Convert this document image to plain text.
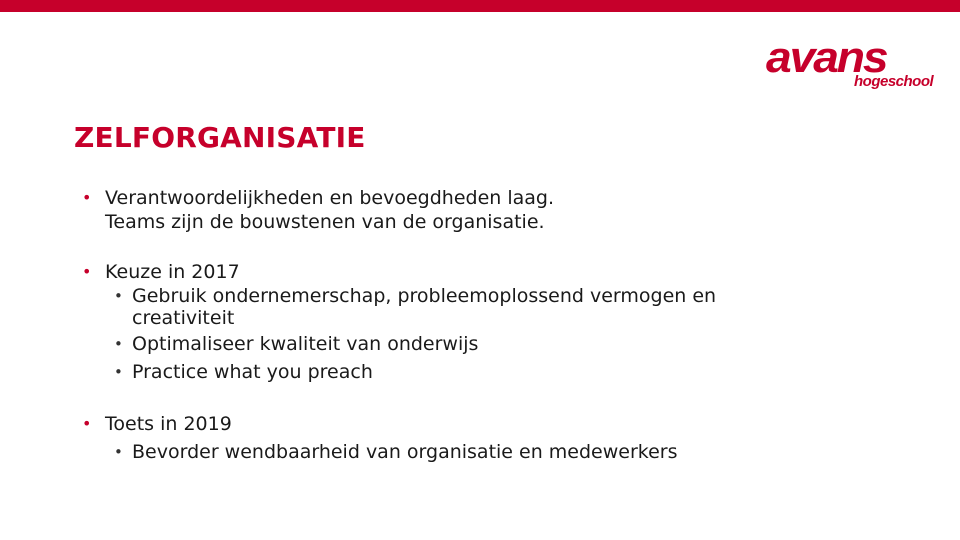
avans
hogeschool
ZELFORGANISATIE
• Verantwoordelijkheden en bevoegdheden laag.
Teams zijn de bouwstenen van de organisatie.
• Keuze in 2017
• Gebruik ondernemerschap, probleemoplossend vermogen en
creativiteit
• Optimaliseer kwaliteit van onderwijs
• Practice what you preach
• Toets in 2019
• Bevorder wendbaarheid van organisatie en medewerkers
